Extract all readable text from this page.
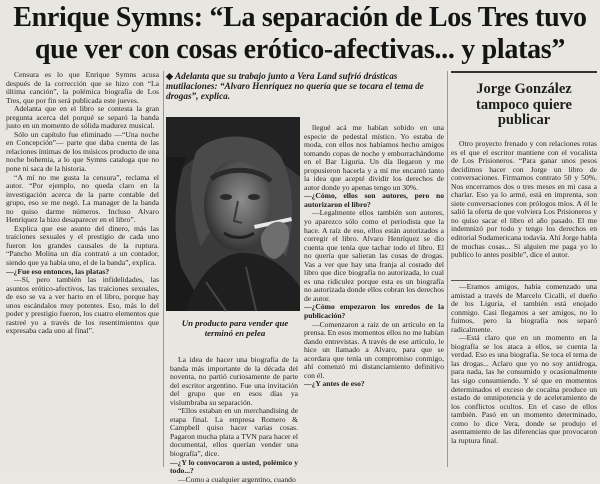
Enrique Symns: “La separación de Los Tres tuvo
que ver con cosas erótico-afectivas... y platas”

Censura es lo que Enrique Symns acusa después de la corrección que se hizo con “La última canción”, la polémica biografía de Los Tres, que por fin será publicada este jueves.

Adelanta que en el libro se contesta la gran pregunta acerca del porqué se separó la banda justo en un momento de sólida madurez musical.

Sólo un capítulo fue eliminado —“Una noche en Concepción”— parte que daba cuenta de las relaciones íntimas de los músicos producto de una noche bohemia, a lo que Symns cataloga que no pone ni saca de la historia.

“A mí no me gusta la censura”, reclama el autor. “Por ejemplo, no queda claro en la investigación acerca de la parte contable del grupo, eso se me negó. La manager de la banda no quiso darme números. Incluso Alvaro Henríquez la hizo desaparecer en el libro”.

Explica que ese asunto del dinero, más las traiciones sexuales y el prestigio de cada uno fueron los grandes causales de la ruptura. “Pancho Molina un día contrató a un contador, siendo que ya había uno, el de la banda”, explica.

—¿Fue eso entonces, las platas?

—Sí, pero también las infidelidades, las asuntos erótico-afectivos, las traiciones sexuales, de eso se va a ver harto en el libro, porque hay unos escándalos muy potentes. Eso, más lo del poder y prestigio fueron, los cuatro elementos que rastreé yo a través de los resentimientos que expresaba cada uno al final”.

◆ Adelanta que su trabajo junto a Vera Land sufrió drásticas mutilaciones: “Alvaro Henríquez no quería que se tocara el tema de drogas”, explica.
Un producto para vender que terminó en pelea

La idea de hacer una biografía de la banda más importante de la década del noventa, no partió curiosamente de parte del escritor argentino. Fue una invitación del grupo que en esos días ya vislumbraba su separación.

“Ellos estaban en un merchandising de etapa final. La empresa Romero & Campbell quiso hacer varias cosas. Pagaron mucha plata a TVN para hacer el documental, ellos querían vender una biografía”, dice.

—¿Y lo convocaron a usted, polémico y todo...?

—Como a cualquier argentino, cuando

llegué acá me habían sobido en una especie de pedestal místico. Yo estaba de moda, con ellos nos habíamos hecho amigos tomando copas de noche y emborrachándome en el Bar Liguria. Un día llegaron y me propusieron hacerla y a mí me encantó tanto la idea que acepté dividir los derechos de autor donde yo apenas tengo un 30%.

—¿Cómo, ellos son autores, pero no autorizaron el libro?

—Legalmente ellos también son autores, yo aparezco sólo como el periodista que la hace. A raíz de eso, ellos están autorizados a corregir el libro. Alvaro Henríquez se dio cuenta que tenía que tachar todo el libro. El no quería que salieran las cosas de drogas. Vas a ver que hay una franja al costado del libro que dice biografía no autorizada, lo cual es una ridiculez porque esta es un biografía no autorizada donde ellos cobran los derechos de autor.

—¿Cómo empezaron los enredos de la publicación?

—Comenzaron a raíz de un artículo en la prensa. En esos momentos ellos no me habían dando entrevistas. A través de ese artículo, le hice un llamado a Alvaro, para que se acordara que tenía un compromiso conmigo, ahí comenzó mi distanciamiento definitivo con él.

—¿Y antes de eso?

Jorge González tampoco quiere publicar

Otro proyecto frenado y con relaciones rotas es el que el escritor mantiene con el vocalista de Los Prisioneros. “Para ganar unos pesos decidimos hacer con Jorge un libro de conversaciones. Firmamos contrato 50 y 50%. Nos encerramos dos o tres meses en mi casa a charlar. Eso ya lo armé, está en imprenta, son siete conversaciones con prólogos míos. A él le salió la oferta de que volviera Los Prisioneros y no quiso sacar el libro el año pasado. El me indemnizó por todo y tengo los derechos en editorial Sudamericana todavía. Ahí Jorge habla de muchas cosas... Si alguien me paga yo lo publico lo antes posible”, dice el autor.

—Eramos amigos, había comenzado una amistad a través de Marcelo Cicalli, el dueño de los Liguria, el también está enojado conmigo. Casi llegamos a ser amigos, no lo fuimos, pero la biografía nos separó radicalmente.

—Está claro que en un momento en la biografía se los ataca a ellos, se cuenta la verdad. Eso es una biografía. Se toca el tema de las drogas... Aclaro que yo no soy antidroga, para nada, las he consumido y ocasionalmente las sigo consumiendo. Y sé que en momentos determinados el exceso de cocaína produce un estado de omnipotencia y de aceleramiento de los conflictos ocultos. En el caso de ellos también. Pasó en un momento determinado, como lo dice Vera, donde se produjo el asentamiento de las diferencias que provocaron la ruptura final.
